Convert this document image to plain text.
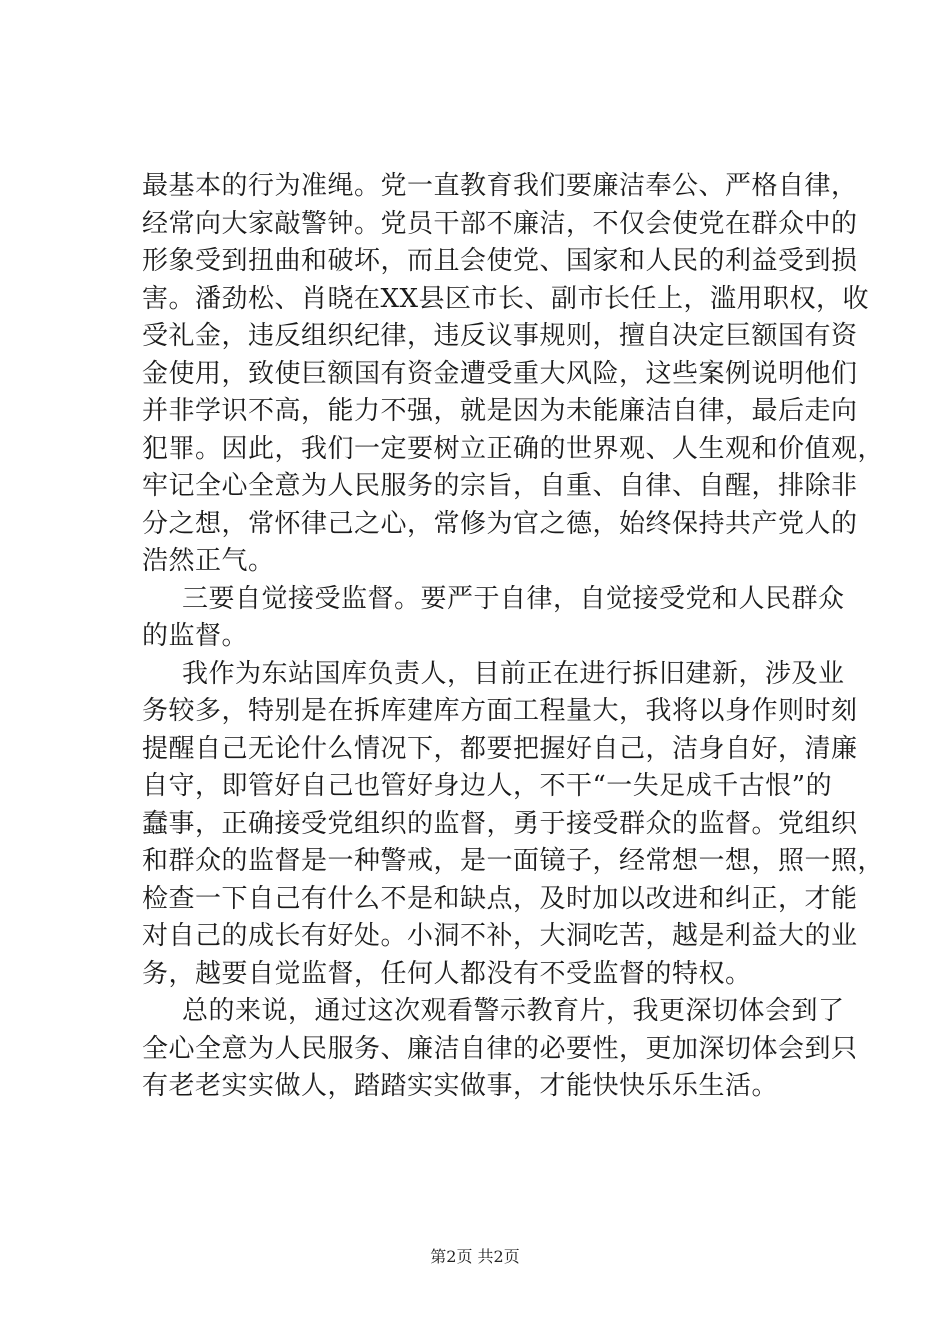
最基本的行为准绳。党一直教育我们要廉洁奉公、严格自律，
经常向大家敲警钟。党员干部不廉洁，不仅会使党在群众中的
形象受到扭曲和破坏，而且会使党、国家和人民的利益受到损
害。潘劲松、肖晓在XX县区市长、副市长任上，滥用职权，收
受礼金，违反组织纪律，违反议事规则，擅自决定巨额国有资
金使用，致使巨额国有资金遭受重大风险，这些案例说明他们
并非学识不高，能力不强，就是因为未能廉洁自律，最后走向
犯罪。因此，我们一定要树立正确的世界观、人生观和价值观，
牢记全心全意为人民服务的宗旨，自重、自律、自醒，排除非
分之想，常怀律己之心，常修为官之德，始终保持共产党人的
浩然正气。
三要自觉接受监督。要严于自律，自觉接受党和人民群众
的监督。
我作为东站国库负责人，目前正在进行拆旧建新，涉及业
务较多，特别是在拆库建库方面工程量大，我将以身作则时刻
提醒自己无论什么情况下，都要把握好自己，洁身自好，清廉
自守，即管好自己也管好身边人，不干“一失足成千古恨”的
蠢事，正确接受党组织的监督，勇于接受群众的监督。党组织
和群众的监督是一种警戒，是一面镜子，经常想一想，照一照，
检查一下自己有什么不是和缺点，及时加以改进和纠正，才能
对自己的成长有好处。小洞不补，大洞吃苦，越是利益大的业
务，越要自觉监督，任何人都没有不受监督的特权。
总的来说，通过这次观看警示教育片，我更深切体会到了
全心全意为人民服务、廉洁自律的必要性，更加深切体会到只
有老老实实做人，踏踏实实做事，才能快快乐乐生活。
第2页 共2页
